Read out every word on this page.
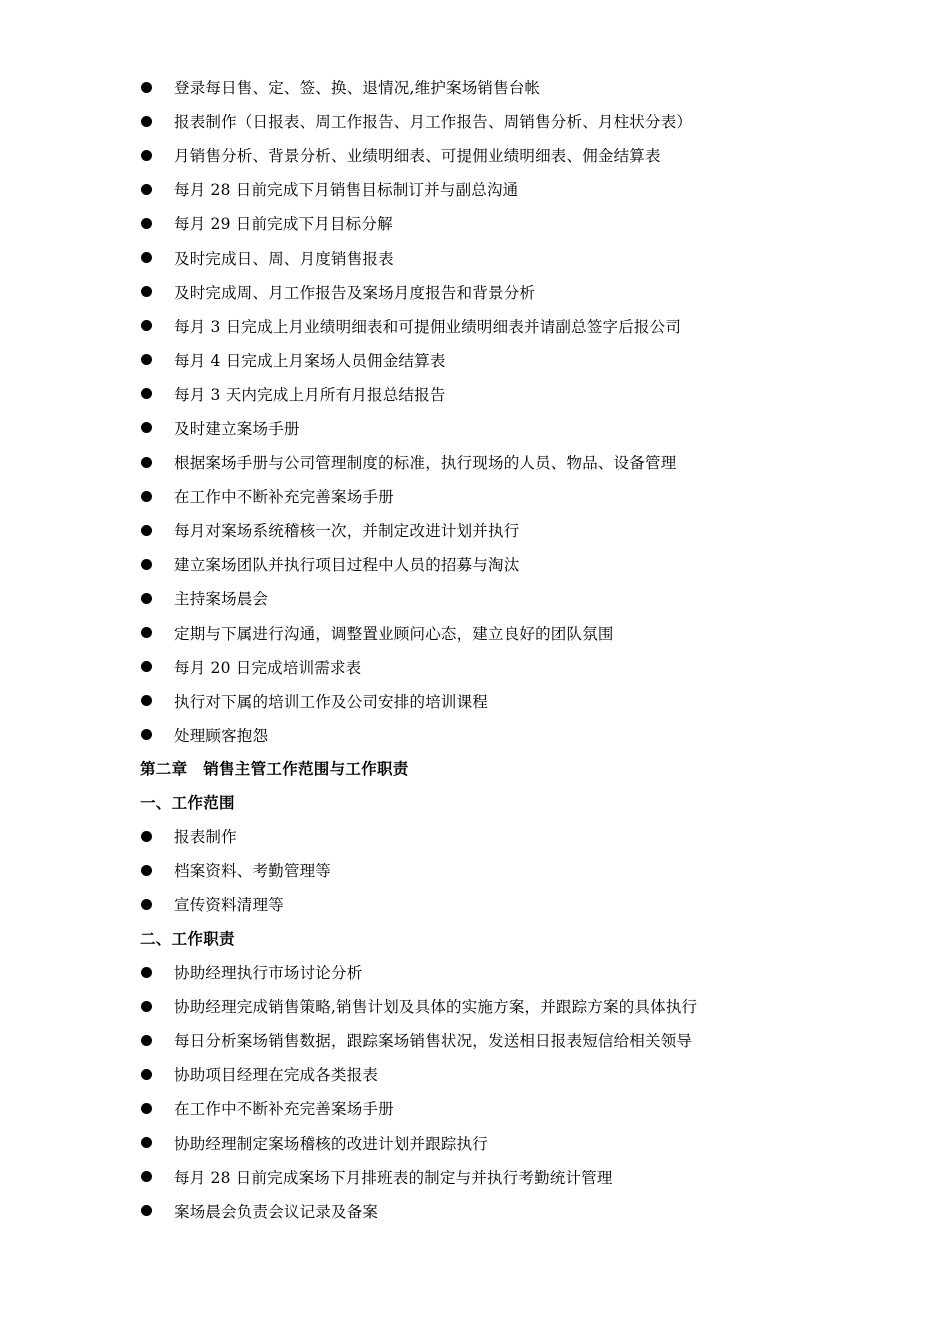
登录每日售、定、签、换、退情况,维护案场销售台帐
报表制作（日报表、周工作报告、月工作报告、周销售分析、月柱状分表）
月销售分析、背景分析、业绩明细表、可提佣业绩明细表、佣金结算表
每月 28 日前完成下月销售目标制订并与副总沟通
每月 29 日前完成下月目标分解
及时完成日、周、月度销售报表
及时完成周、月工作报告及案场月度报告和背景分析
每月 3 日完成上月业绩明细表和可提佣业绩明细表并请副总签字后报公司
每月 4 日完成上月案场人员佣金结算表
每月 3 天内完成上月所有月报总结报告
及时建立案场手册
根据案场手册与公司管理制度的标准，执行现场的人员、物品、设备管理
在工作中不断补充完善案场手册
每月对案场系统稽核一次，并制定改进计划并执行
建立案场团队并执行项目过程中人员的招募与淘汰
主持案场晨会
定期与下属进行沟通，调整置业顾问心态，建立良好的团队氛围
每月 20 日完成培训需求表
执行对下属的培训工作及公司安排的培训课程
处理顾客抱怨
第二章　销售主管工作范围与工作职责
一、工作范围
报表制作
档案资料、考勤管理等
宣传资料清理等
二、工作职责
协助经理执行市场讨论分析
协助经理完成销售策略,销售计划及具体的实施方案，并跟踪方案的具体执行
每日分析案场销售数据，跟踪案场销售状况，发送相日报表短信给相关领导
协助项目经理在完成各类报表
在工作中不断补充完善案场手册
协助经理制定案场稽核的改进计划并跟踪执行
每月 28 日前完成案场下月排班表的制定与并执行考勤统计管理
案场晨会负责会议记录及备案
